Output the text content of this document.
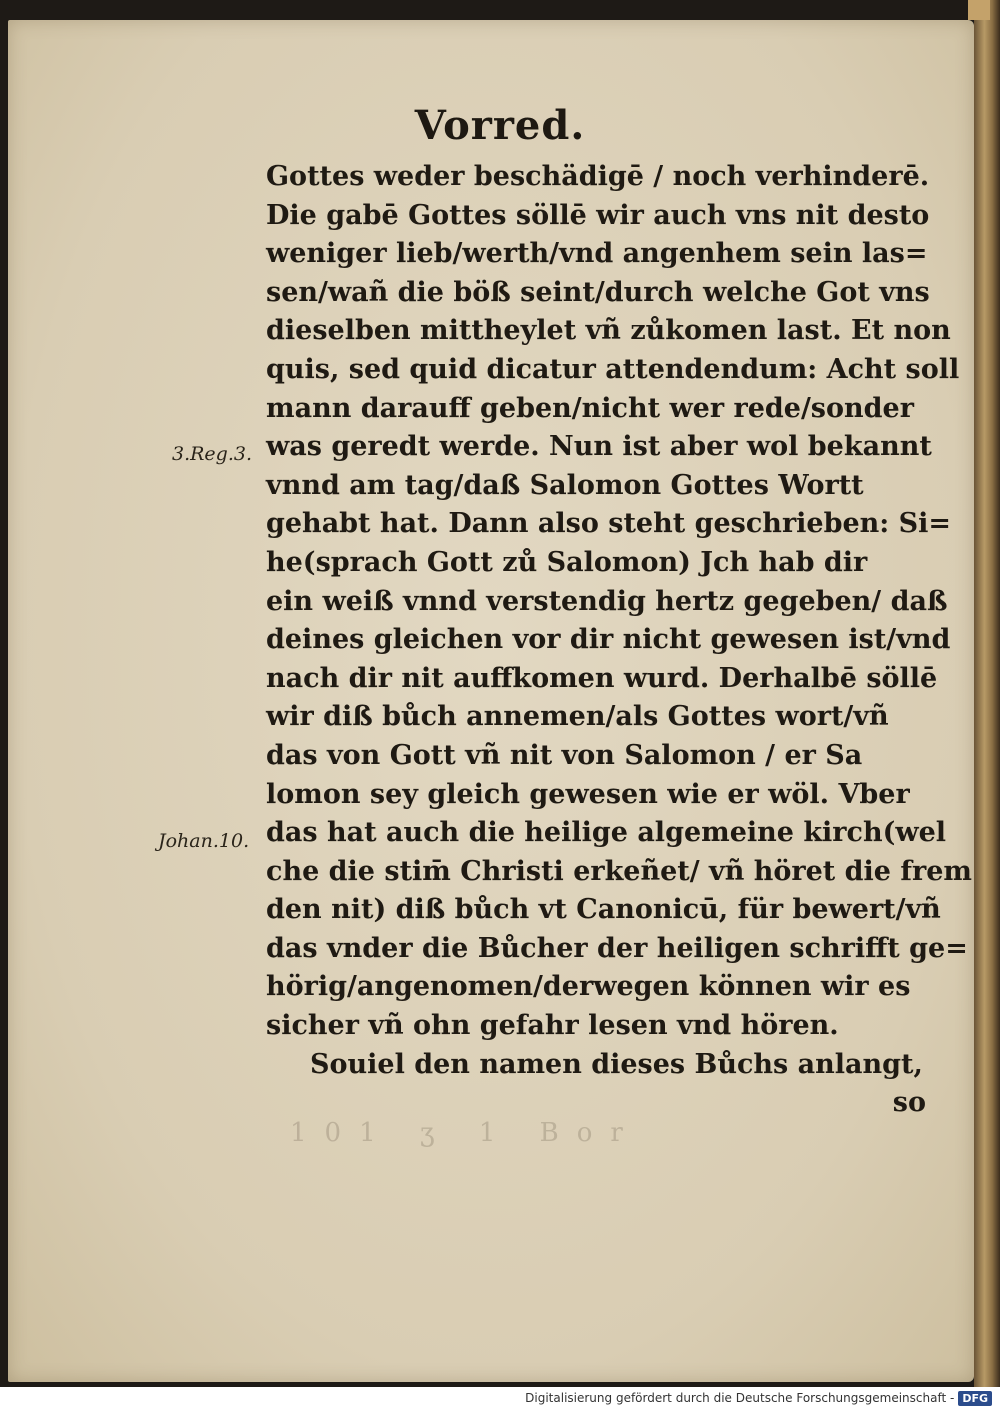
Vorred.
3.Reg.3.
Johan.10.
Gottes weder beschädigē / noch verhinderē.
Die gabē Gottes söllē wir auch vns nit desto
weniger lieb/werth/vnd angenhem sein las=
sen/wañ die böß seint/durch welche Got vns
dieselben mittheylet vñ zůkomen last. Et non
quis, sed quid dicatur attendendum: Acht soll
mann darauff geben/nicht wer rede/sonder
was geredt werde. Nun ist aber wol bekannt
vnnd am tag/daß Salomon Gottes Wortt
gehabt hat. Dann also steht geschrieben: Si=
he(sprach Gott zů Salomon) Jch hab dir
ein weiß vnnd verstendig hertz gegeben/ daß
deines gleichen vor dir nicht gewesen ist/vnd
nach dir nit auffkomen wurd. Derhalbē söllē
wir diß bůch annemen/als Gottes wort/vñ
das von Gott vñ nit von Salomon / er Sa
lomon sey gleich gewesen wie er wöl. Vber
das hat auch die heilige algemeine kirch(wel
che die stim̄ Christi erkeñet/ vñ höret die frem
den nit) diß bůch vt Canonicū, für bewert/vñ
das vnder die Bůcher der heiligen schrifft ge=
hörig/angenomen/derwegen können wir es
sicher vñ ohn gefahr lesen vnd hören.
Souiel den namen dieses Bůchs anlangt,
so
101 ʒ 1 Bor
Digitalisierung gefördert durch die Deutsche Forschungsgemeinschaft - DFG
